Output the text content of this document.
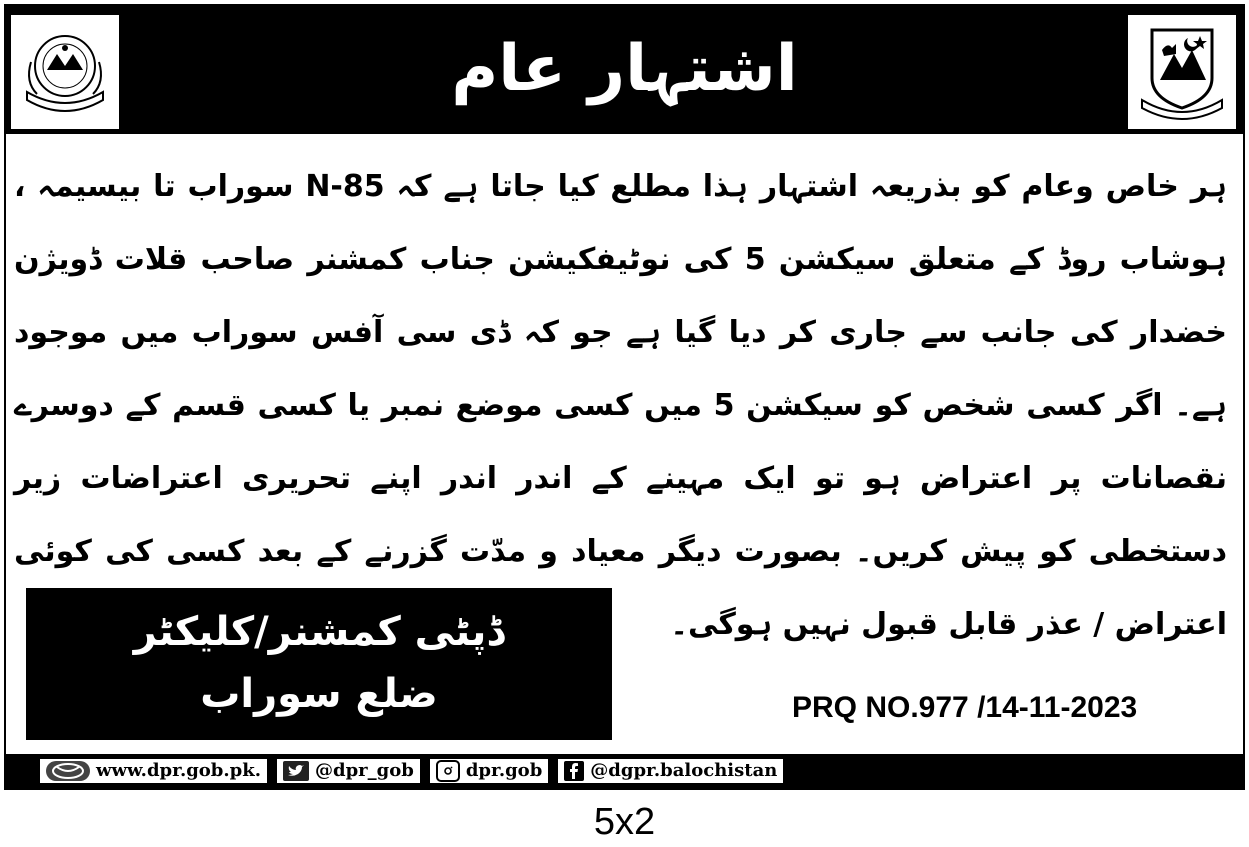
اشتہار عام
ہر خاص وعام کو بذریعہ اشتہار ہذا مطلع کیا جاتا ہے کہ N-85 سوراب تا بیسیمہ ، ہوشاب روڈ کے متعلق سیکشن 5 کی نوٹیفکیشن جناب کمشنر صاحب قلات ڈویژن خضدار کی جانب سے جاری کر دیا گیا ہے جو کہ ڈی سی آفس سوراب میں موجود ہے۔ اگر کسی شخص کو سیکشن 5 میں کسی موضع نمبر یا کسی قسم کے دوسرے نقصانات پر اعتراض ہو تو ایک مہینے کے اندر اندر اپنے تحریری اعتراضات زیر دستخطی کو پیش کریں۔ بصورت دیگر معیاد و مدّت گزرنے کے بعد کسی کی کوئی اعتراض / عذر قابل قبول نہیں ہوگی۔
ڈپٹی کمشنر/کلیکٹر
ضلع سوراب	PRQ NO.977 /14-11-2023
www.dpr.gob.pk.	@dpr_gob	dpr.gob	@dgpr.balochistan
5x2
